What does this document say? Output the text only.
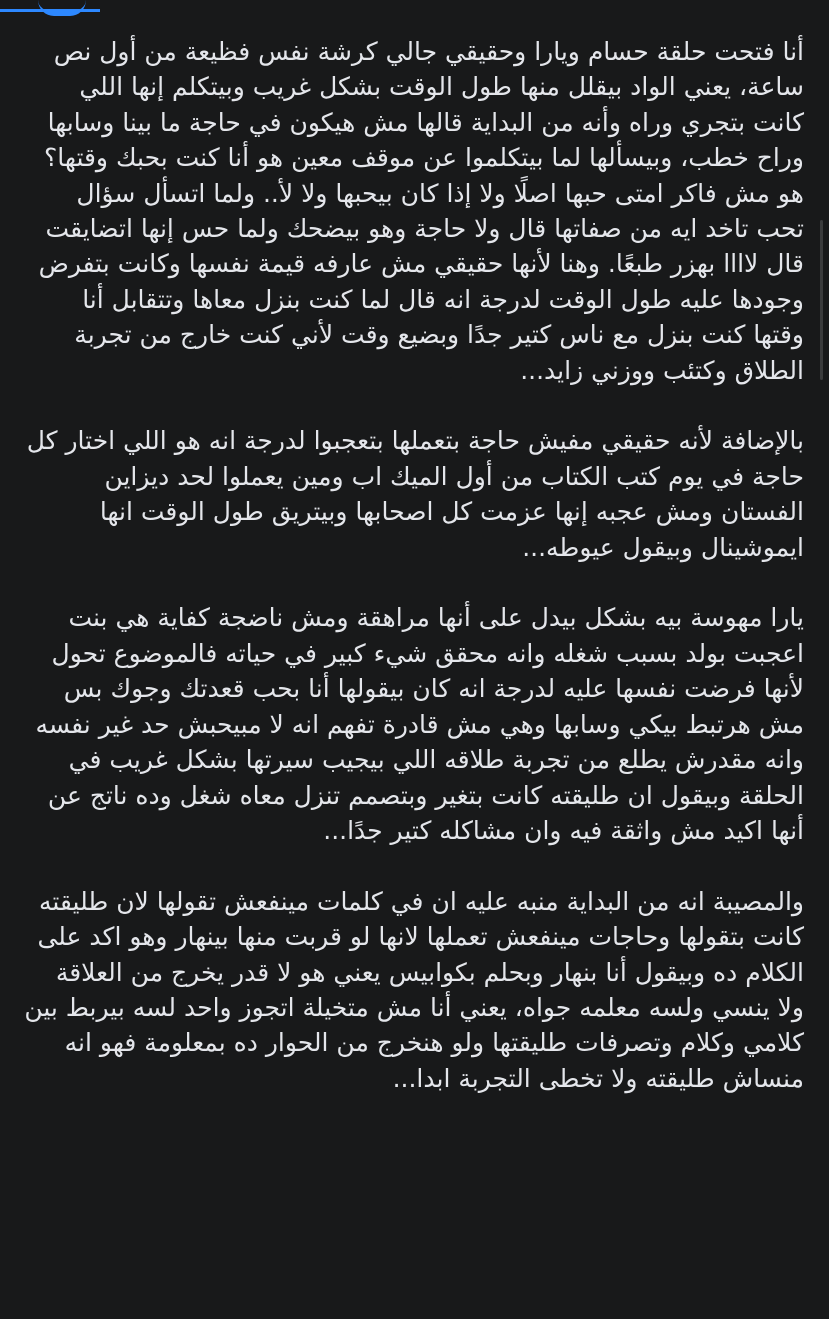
أنا فتحت حلقة حسام ويارا وحقيقي جالي كرشة نفس فظيعة من أول نص ساعة، يعني الواد بيقلل منها طول الوقت بشكل غريب وبيتكلم إنها اللي كانت بتجري وراه وأنه من البداية قالها مش هيكون في حاجة ما بينا وسابها وراح خطب، وبيسألها لما بيتكلموا عن موقف معين هو أنا كنت بحبك وقتها؟ هو مش فاكر امتى حبها اصلًا ولا إذا كان بيحبها ولا لأ.. ولما اتسأل سؤال تحب تاخد ايه من صفاتها قال ولا حاجة وهو بيضحك ولما حس إنها اتضايقت قال لاااا بهزر طبعًا. وهنا لأنها حقيقي مش عارفه قيمة نفسها وكانت بتفرض وجودها عليه طول الوقت لدرجة انه قال لما كنت بنزل معاها وتتقابل أنا وقتها كنت بنزل مع ناس كتير جدًا وبضيع وقت لأني كنت خارج من تجربة الطلاق وكتئب ووزني زايد...

بالإضافة لأنه حقيقي مفيش حاجة بتعملها بتعجبوا لدرجة انه هو اللي اختار كل حاجة في يوم كتب الكتاب من أول الميك اب ومين يعملوا لحد ديزاين الفستان ومش عجبه إنها عزمت كل اصحابها وبيتريق طول الوقت انها ايموشينال وبيقول عيوطه...

يارا مهوسة بيه بشكل بيدل على أنها مراهقة ومش ناضجة كفاية هي بنت اعجبت بولد بسبب شغله وانه محقق شيء كبير في حياته فالموضوع تحول لأنها فرضت نفسها عليه لدرجة انه كان بيقولها أنا بحب قعدتك وجوك بس مش هرتبط بيكي وسابها وهي مش قادرة تفهم انه لا مبيحبش حد غير نفسه وانه مقدرش يطلع من تجربة طلاقه اللي بيجيب سيرتها بشكل غريب في الحلقة وبيقول ان طليقته كانت بتغير وبتصمم تنزل معاه شغل وده ناتج عن أنها اكيد مش واثقة فيه وان مشاكله كتير جدًا...

والمصيبة انه من البداية منبه عليه ان في كلمات مينفعش تقولها لان طليقته كانت بتقولها وحاجات مينفعش تعملها لانها لو قربت منها بينهار وهو اكد على الكلام ده وبيقول أنا بنهار وبحلم بكوابيس يعني هو لا قدر يخرج من العلاقة ولا ينسي ولسه معلمه جواه، يعني أنا مش متخيلة اتجوز واحد لسه بيربط بين كلامي وكلام وتصرفات طليقتها ولو هنخرج من الحوار ده بمعلومة فهو انه منساش طليقته ولا تخطى التجربة ابدا...
